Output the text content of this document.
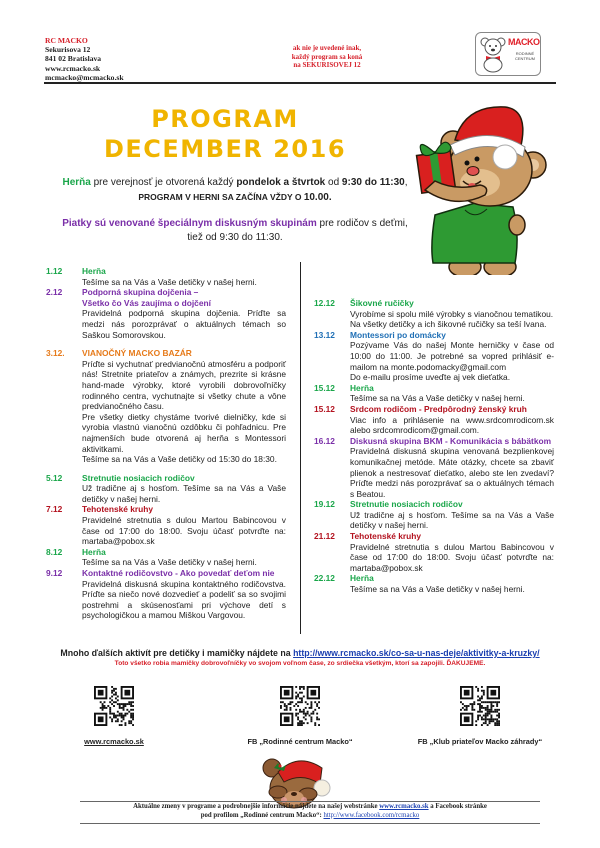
RC MACKO
Sekurisova 12
841 02 Bratislava
www.rcmacko.sk
mcmacko@mcmacko.sk
ak nie je uvedené inak,
každý program sa koná
na SEKURISOVEJ 12
MACKO
RODINNÉ CENTRUM
PROGRAM
DECEMBER 2016
Herňa pre verejnosť je otvorená každý pondelok a štvrtok od 9:30 do 11:30,
PROGRAM V HERNI SA ZAČÍNA VŽDY O 10.00.
Piatky sú venované špeciálnym diskusným skupinám pre rodičov s deťmi,
tiež od 9:30 do 11:30.
1.12	Herňa
Tešíme sa na Vás a Vaše detičky v našej herni.
2.12	Podporná skupina dojčenia –
Všetko čo Vás zaujíma o dojčení
Pravidelná podporná skupina dojčenia. Príďte sa medzi nás porozprávať o aktuálnych témach so Saškou Somorovskou.
3.12.	VIANOČNÝ MACKO BAZÁR
Príďte si vychutnať predvianočnú atmosféru a podporiť nás! Stretnite priateľov a známych, prezrite si krásne hand-made výrobky, ktoré vyrobili dobrovoľníčky rodinného centra, vychutnajte si všetky chute a vône predvianočného času.
Pre všetky dietky chystáme tvorivé dielničky, kde si vyrobia vlastnú vianočnú ozdôbku či pohľadnicu. Pre najmenších bude otvorená aj herňa s Montessori aktivitkami.
Tešíme sa na Vás a Vaše detičky od 15:30 do 18:30.
5.12	Stretnutie nosiacich rodičov
Už tradične aj s hosťom. Tešíme sa na Vás a Vaše detičky v našej herni.
7.12	Tehotenské kruhy
Pravidelné stretnutia s dulou Martou Babincovou v čase od 17:00 do 18:00. Svoju účasť potvrďte na: martaba@pobox.sk
8.12	Herňa
Tešíme sa na Vás a Vaše detičky v našej herni.
9.12	Kontaktné rodičovstvo - Ako povedať deťom nie
Pravidelná diskusná skupina kontaktného rodičovstva. Príďte sa niečo nové dozvedieť a podeliť sa so svojimi postrehmi a skúsenosťami pri výchove detí s psychologičkou a mamou Miškou Vargovou.
12.12	Šikovné ručičky
Vyrobíme si spolu milé výrobky s vianočnou tematikou. Na všetky detičky a ich šikovné ručičky sa teší Ivana.
13.12	Montessori po domácky
Pozývame Vás do našej Monte herničky v čase od 10:00 do 11:00. Je potrebné sa vopred prihlásiť e-mailom na monte.podomacky@gmail.com
Do e-mailu prosíme uveďte aj vek dieťatka.
15.12	Herňa
Tešíme sa na Vás a Vaše detičky v našej herni.
15.12	Srdcom rodičom - Predpôrodný ženský kruh
Viac info a prihlásenie na www.srdcomrodicom.sk alebo srdcomrodicom@gmail.com.
16.12	Diskusná skupina BKM - Komunikácia s bábätkom
Pravidelná diskusná skupina venovaná bezplienkovej komunikačnej metóde. Máte otázky, chcete sa zbaviť plienok a nestresovať dieťatko, alebo ste len zvedaví? Príďte medzi nás porozprávať sa o aktuálnych témach s Beatou.
19.12	Stretnutie nosiacich rodičov
Už tradične aj s hosťom. Tešíme sa na Vás a Vaše detičky v našej herni.
21.12	Tehotenské kruhy
Pravidelné stretnutia s dulou Martou Babincovou v čase od 17:00 do 18:00. Svoju účasť potvrďte na: martaba@pobox.sk
22.12	Herňa
Tešíme sa na Vás a Vaše detičky v našej herni.
Mnoho ďalších aktivít pre detičky i mamičky nájdete na http://www.rcmacko.sk/co-sa-u-nas-deje/aktivitky-a-kruzky/
Toto všetko robia mamičky dobrovoľníčky vo svojom voľnom čase, zo srdiečka všetkým, ktorí sa zapojili. ĎAKUJEME.
www.rcmacko.sk	FB „Rodinné centrum Macko“	FB „Klub priateľov Macko záhrady“
Aktuálne zmeny v programe a podrobnejšie informácie nájdete na našej webstránke www.rcmacko.sk a Facebook stránke
pod profilom „Rodinné centrum Macko“: http://www.facebook.com/rcmacko
